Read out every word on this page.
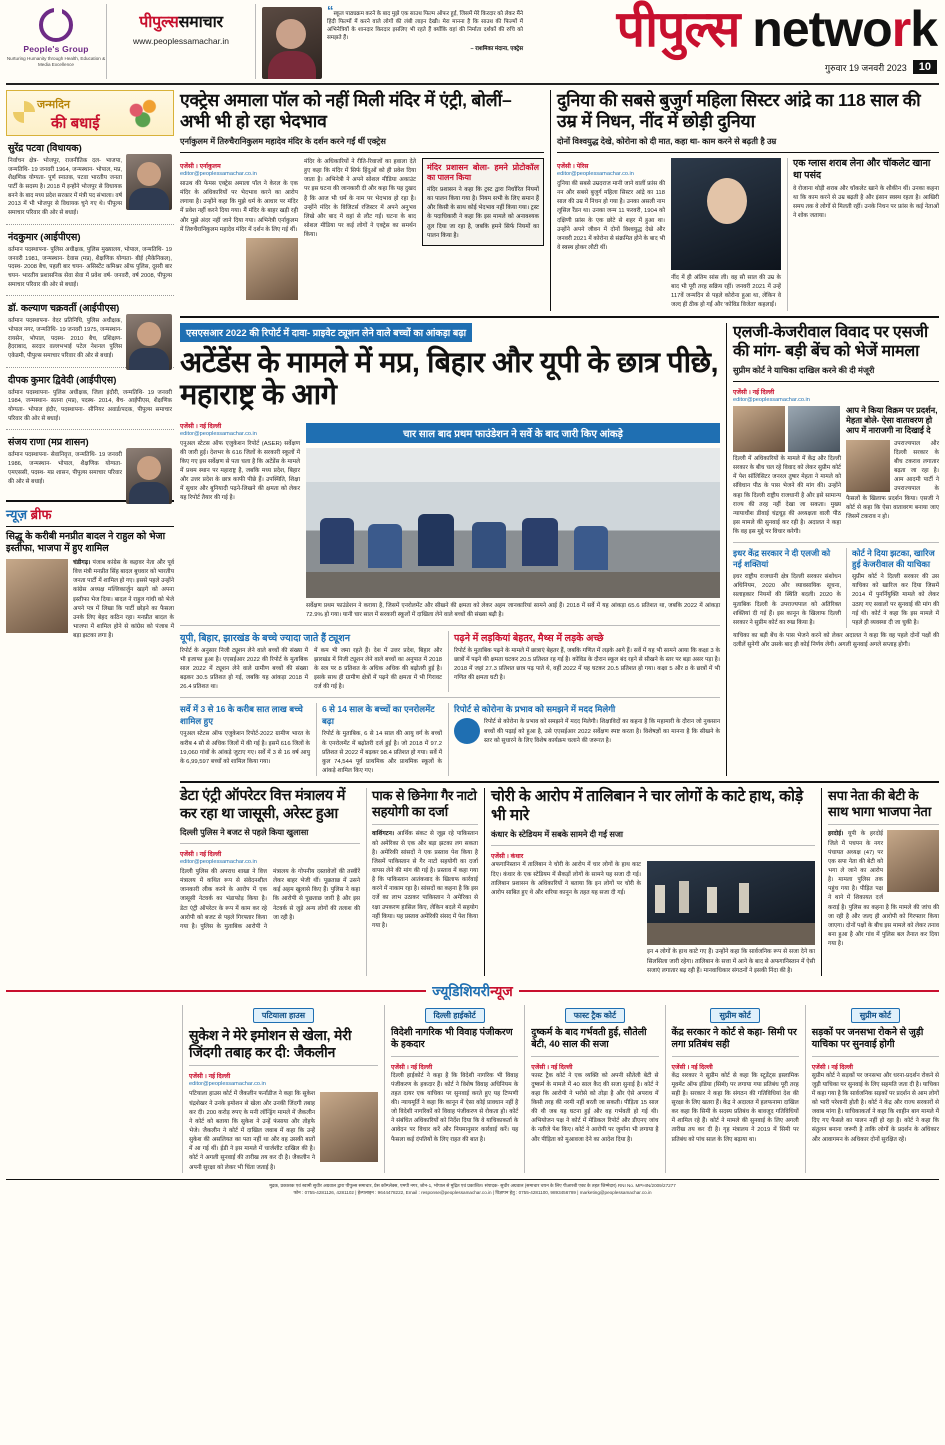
People's Group
Nurturing Humanity through Health, Education & Media Excellence
पीपुल्ससमाचार
www.peoplessamachar.in
“स्कूल पाठ्यक्रम करने के बाद मुझे एक साउथ फिल्म ऑफर हुई, जिसमें मेरे किरदार को लेकर मैंने हिंदी फिल्मों में करने वाले लोगों की लंबी लाइन देखी। मेरा मानना है कि साउथ की फिल्मों में अभिनेत्रियों के शानदार किरदार इसलिए भी रहते हैं क्योंकि वहां की निर्माता दर्शकों की रुचि को समझते हैं।
– राशमिका मंदाना, एक्ट्रेस	पीपुल्स network
गुरुवार 19 जनवरी 2023	10
जन्मदिन
की बधाई
सुरेंद्र पटवा (विधायक)
निर्वाचन क्षेत्र- भोजपुर, राजनीतिक दल- भाजपा, जन्मतिथि- 19 जनवरी 1964, जन्मस्थान- भोपाल, मप्र, शैक्षणिक योग्यता- पूर्ण स्नातक, पटवा भारतीय जनता पार्टी के सदस्य है। 2018 में इन्होंने भोजपुर से विधायक बनने के बाद मध्य प्रदेश सरकार में मंत्री पद संभाला। वर्ष 2013 में भी भोजपुर से विधायक चुने गए थे। पीपुल्स समाचार परिवार की ओर से बधाई।
नंदकुमार (आईपीएस)
वर्तमान पदस्थापना- पुलिस अधीक्षक, पुलिस मुख्यालय, भोपाल, जन्मतिथि- 19 जनवरी 1981, जन्मस्थान- देवास (मप्र), शैक्षणिक योग्यता- बीई (मैकेनिकल), पदस्थ- 2008 बैच, पहली बार चयन- असिस्टेंट कमिश्नर ऑफ पुलिस, दूसरी बार चयन- भारतीय प्रशासनिक सेवा सेवा में प्रवेश वर्ष- जनवरी, वर्ष 2008, पीपुल्स समाचार परिवार की ओर से बधाई।
डॉ. कल्याण चक्रवर्ती (आईपीएस)
वर्तमान पदस्थापना- वेदर प्रतिनिधि, पुलिस अधीक्षक, भोपाल नगर, जन्मतिथि- 19 जनवरी 1975, जन्मस्थान- रायसेन, भोपाल, पदस्थ- 2010 बैच, प्रशिक्षण- हैदराबाद, सरदार वल्लभभाई पटेल नेशनल पुलिस एकेडमी, पीपुल्स समाचार परिवार की ओर से बधाई।
दीपक कुमार द्विवेदी (आईपीएस)
वर्तमान पदस्थापना- पुलिस अधीक्षक, जिला इंदौरी, जन्मतिथि- 19 जनवरी 1984, जन्मस्थान- सतना (मप्र), पदस्थ- 2014, बैच- आईपीएस, शैक्षणिक योग्यता- भोपाल इंदौर, पदस्थापना- सीनियर अवार्ड/पदक, पीपुल्स समाचार परिवार की ओर से बधाई।
संजय राणा (मप्र शासन)
वर्तमान पदस्थापना- सेवानिवृत्त, जन्मतिथि- 19 जनवरी 1986, जन्मस्थान- भोपाल, शैक्षणिक योग्यता- एमएससी, पदस्थ- मप्र शासन, पीपुल्स समाचार परिवार की ओर से बधाई।
न्यूज़ ब्रीफ
सिद्धू के करीबी मनप्रीत बादल ने राहुल को भेजा इस्तीफा, भाजपा में हुए शामिल
चंडीगढ़। पंजाब कांग्रेस के कद्दावर नेता और पूर्व वित्त मंत्री मनप्रीत सिंह बादल बुधवार को भारतीय जनता पार्टी में शामिल हो गए। इससे पहले उन्होंने कांग्रेस अध्यक्ष मल्लिकार्जुन खड़गे को अपना इस्तीफा भेज दिया। बादल ने राहुल गांधी को भेजे अपने पत्र में लिखा कि पार्टी छोड़ने का फैसला उनके लिए बेहद कठिन रहा। मनप्रीत बादल के भाजपा में शामिल होने से कांग्रेस को पंजाब में बड़ा झटका लगा है।
एक्ट्रेस अमाला पॉल को नहीं मिली मंदिर में एंट्री, बोलीं– अभी भी हो रहा भेदभाव
एर्नाकुलम में तिरुचैरानिकुलम महादेव मंदिर के दर्शन करने गईं थीं एक्ट्रेस
एजेंसी । एर्नाकुलम
editor@peoplessamachar.co.in
साउथ की फेमस एक्ट्रेस अमाला पॉल ने केरल के एक मंदिर के अधिकारियों पर भेदभाव करने का आरोप लगाया है। उन्होंने कहा कि मुझे धर्म के आधार पर मंदिर में प्रवेश नहीं करने दिया गया। मैं मंदिर के बाहर खड़ी रही और मुझे अंदर नहीं जाने दिया गया। अभिनेत्री एर्नाकुलम में तिरुचैरानिकुलम महादेव मंदिर में दर्शन के लिए गई थीं।
मंदिर के अधिकारियों ने रीति-रिवाजों का हवाला देते हुए कहा कि मंदिर में सिर्फ हिंदुओं को ही प्रवेश दिया जाता है। अभिनेत्री ने अपने सोशल मीडिया अकाउंट पर इस घटना की जानकारी दी और कहा कि यह दुखद है कि आज भी धर्म के नाम पर भेदभाव हो रहा है। उन्होंने मंदिर के विजिटर्स रजिस्टर में अपने अनुभव लिखे और बाद में वहां से लौट गईं। घटना के बाद सोशल मीडिया पर कई लोगों ने एक्ट्रेस का समर्थन किया।
मंदिर प्रशासन बोला- हमने प्रोटोकॉल का पालन किया
मंदिर प्रशासन ने कहा कि ट्रस्ट द्वारा निर्धारित नियमों का पालन किया गया है। नियम सभी के लिए समान हैं और किसी के साथ कोई भेदभाव नहीं किया गया। ट्रस्ट के पदाधिकारी ने कहा कि इस मामले को अनावश्यक तूल दिया जा रहा है, जबकि हमने सिर्फ नियमों का पालन किया है।
दुनिया की सबसे बुजुर्ग महिला सिस्टर आंद्रे का 118 साल की उम्र में निधन, नींद में छोड़ी दुनिया
दोनों विश्वयुद्ध देखे, कोरोना को दी मात, कहा था- काम करने से बढ़ती है उम्र
एजेंसी । पेरिस
editor@peoplessamachar.co.in
दुनिया की सबसे उम्रदराज मानी जाने वालीं फ्रांस की नन और सबसे बुजुर्ग महिला सिस्टर आंद्रे का 118 साल की उम्र में निधन हो गया है। उनका असली नाम लूसिल रैंडन था। उनका जन्म 11 फरवरी, 1904 को दक्षिणी फ्रांस के एक छोटे से शहर में हुआ था। उन्होंने अपने जीवन में दोनों विश्वयुद्ध देखे और जनवरी 2021 में कोरोना से संक्रमित होने के बाद भी वे स्वस्थ होकर लौटी थीं।
नींद में ही अंतिम सांस ली। वह सौ साल की उम्र के बाद भी पूरी तरह सक्रिय रहीं। जनवरी 2021 में उन्हें 117वें जन्मदिन से पहले कोरोना हुआ था, लेकिन वे जल्द ही ठीक हो गईं और 'कोविड विजेता' कहलाईं।
एक ग्लास शराब लेना और चॉकलेट खाना था पसंद
वे रोजाना थोड़ी शराब और चॉकलेट खाने के शौकीन थीं। उनका कहना था कि काम करने से उम्र बढ़ती है और इंसान स्वस्थ रहता है। आखिरी समय तक वे लोगों से मिलती रहीं। उनके निधन पर फ्रांस के कई नेताओं ने शोक जताया।
एसएसआर 2022 की रिपोर्ट में दावा- प्राइवेट ट्यूशन लेने वाले बच्चों का आंकड़ा बढ़ा
अटेंडेंस के मामले में मप्र, बिहार और यूपी के छात्र पीछे, महाराष्ट्र के आगे
एजेंसी । नई दिल्ली
editor@peoplessamachar.co.in
एनुअल स्टेटस ऑफ एजुकेशन रिपोर्ट (ASER) सर्वेक्षण की जारी हुई। देशभर के 616 जिलों के सरकारी स्कूलों में किए गए इस सर्वेक्षण से पता चला है कि अटेंडेंस के मामले में प्रथम स्थान पर महाराष्ट्र है, जबकि मध्य प्रदेश, बिहार और उत्तर प्रदेश के छात्र काफी पीछे हैं। उपस्थिति, शिक्षा में सुधार और बुनियादी पढ़ने-लिखने की क्षमता को लेकर यह रिपोर्ट तैयार की गई है।
चार साल बाद प्रथम फाउंडेशन ने सर्वे के बाद जारी किए आंकड़े
सर्वेक्षण प्रथम फाउंडेशन ने कराया है, जिसमें एनरोलमेंट और सीखने की क्षमता को लेकर अहम जानकारियां सामने आई हैं। 2018 में सर्वे में यह आंकड़ा 65.6 प्रतिशत था, जबकि 2022 में आंकड़ा 72.9% हो गया। यानी चार साल में सरकारी स्कूलों में दाखिला लेने वाले बच्चों की संख्या बढ़ी है।
यूपी, बिहार, झारखंड के बच्चे ज्यादा जाते हैं ट्यूशन
रिपोर्ट के अनुसार निजी ट्यूशन लेने वाले बच्चों की संख्या में भी इजाफा हुआ है। एएसईआर 2022 की रिपोर्ट के मुताबिक साल 2022 में ट्यूशन लेने वाले ग्रामीण बच्चों की संख्या बढ़कर 30.5 प्रतिशत हो गई, जबकि यह आंकड़ा 2018 में 26.4 प्रतिशत था।
में कम भी जमा रहते हैं। देश में उत्तर प्रदेश, बिहार और झारखंड में निजी ट्यूशन लेने वाले बच्चों का अनुपात में 2018 के सत्र पर 8 प्रतिशत के अधिक अधिक की बढ़ोतरी हुई है। इसके साथ ही ग्रामीण क्षेत्रों में पढ़ने की क्षमता में भी गिरावट दर्ज की गई है।
पढ़ने में लड़कियां बेहतर, मैथ्स में लड़के अच्छे
रिपोर्ट के मुताबिक पढ़ने के मामले में छात्राएं बेहतर हैं, जबकि गणित में लड़के आगे हैं। सर्वे में यह भी सामने आया कि कक्षा 3 के छात्रों में पढ़ने की क्षमता घटकर 20.5 प्रतिशत रह गई है। कोविड के दौरान स्कूल बंद रहने से सीखने के स्तर पर बड़ा असर पड़ा है। 2018 में जहां 27.3 प्रतिशत छात्र पढ़ पाते थे, वहीं 2022 में यह घटकर 20.5 प्रतिशत हो गया। कक्षा 5 और 8 के छात्रों में भी गणित की क्षमता घटी है।
सर्वे में 3 से 16 के करीब सात लाख बच्चे शामिल हुए
एनुअल स्टेटस ऑफ एजुकेशन रिपोर्ट-2022 ग्रामीण भारत के करीब 4 सौ से अधिक जिलों में की गई है। इसमें 616 जिलों के 19,060 गांवों के आंकड़े जुटाए गए। सर्वे में 3 से 16 वर्ष आयु के 6,99,597 बच्चों को शामिल किया गया।
6 से 14 साल के बच्चों का एनरोलमेंट बढ़ा
रिपोर्ट के मुताबिक, 6 से 14 साल की आयु वर्ग के बच्चों के एनरोलमेंट में बढ़ोतरी दर्ज हुई है। जो 2018 में 97.2 प्रतिशत से 2022 में बढ़कर 98.4 प्रतिशत हो गया। सर्वे में कुल 74,544 पूर्व प्राथमिक और प्राथमिक स्कूलों के आंकड़े शामिल किए गए।
रिपोर्ट से कोरोना के प्रभाव को समझने में मदद मिलेगी
रिपोर्ट से कोरोना के प्रभाव को समझने में मदद मिलेगी। शिक्षाविदों का कहना है कि महामारी के दौरान जो नुकसान बच्चों की पढ़ाई को हुआ है, उसे एएसईआर 2022 सर्वेक्षण स्पष्ट करता है। विशेषज्ञों का मानना है कि सीखने के स्तर को सुधारने के लिए विशेष कार्यक्रम चलाने की जरूरत है।
एलजी-केजरीवाल विवाद पर एसजी की मांग- बड़ी बेंच को भेजें मामला
सुप्रीम कोर्ट ने याचिका दाखिल करने की दी मंजूरी
एजेंसी । नई दिल्ली
editor@peoplessamachar.co.in
दिल्ली में अधिकारियों के मामले में केंद्र और दिल्ली सरकार के बीच चल रहे विवाद को लेकर सुप्रीम कोर्ट में पेश सॉलिसिटर जनरल तुषार मेहता ने मामले को संविधान पीठ के पास भेजने की मांग की। उन्होंने कहा कि दिल्ली राष्ट्रीय राजधानी है और इसे सामान्य राज्य की तरह नहीं देखा जा सकता। मुख्य न्यायाधीश डीवाई चंद्रचूड़ की अध्यक्षता वाली पीठ इस मामले की सुनवाई कर रही है। अदालत ने कहा कि वह इस मुद्दे पर विचार करेगी।
आप ने किया विक्रम पर प्रदर्शन, मेहता बोले- ऐसा वातावरण हो आप में नाराजगी ना दिखाई दे
उपराज्यपाल और दिल्ली सरकार के बीच टकराव लगातार बढ़ता जा रहा है। आम आदमी पार्टी ने उपराज्यपाल के फैसलों के खिलाफ प्रदर्शन किया। एसजी ने कोर्ट से कहा कि ऐसा वातावरण बनाया जाए जिसमें टकराव न हो।
इधर केंद्र सरकार ने दी एलजी को नई शक्तियां
इधर राष्ट्रीय राजधानी क्षेत्र दिल्ली सरकार संशोधन अधिनियम, 2020 और व्यावसायिक सूचना, सलाहकार नियमों की स्थिति बदली। 2020 के मुताबिक दिल्ली के उपराज्यपाल को अतिरिक्त शक्तियां दी गई हैं। इस कानून के खिलाफ दिल्ली सरकार ने सुप्रीम कोर्ट का रुख किया है।
कोर्ट ने दिया झटका, खारिज हुई केजरीवाल की याचिका
सुप्रीम कोर्ट ने दिल्ली सरकार की उस याचिका को खारिज कर दिया जिसमें 2014 में पुनर्नियुक्ति मामले को लेकर उठाए गए सवालों पर सुनवाई की मांग की गई थी। कोर्ट ने कहा कि इस मामले में पहले ही व्यवस्था दी जा चुकी है।
याचिका का बड़ी बेंच के पास भेजने करने को लेकर अदालत ने कहा कि वह पहले दोनों पक्षों की दलीलें सुनेगी और उसके बाद ही कोई निर्णय लेगी। अगली सुनवाई अगले सप्ताह होगी।
डेटा एंट्री ऑपरेटर वित्त मंत्रालय में कर रहा था जासूसी, अरेस्ट हुआ
दिल्ली पुलिस ने बजट से पहले किया खुलासा
एजेंसी । नई दिल्ली
editor@peoplessamachar.co.in
दिल्ली पुलिस की अपराध शाखा ने वित्त मंत्रालय में कथित रूप से संवेदनशील जानकारी लीक करने के आरोप में एक जासूसी नेटवर्क का भंडाफोड़ किया है। डेटा एंट्री ऑपरेटर के रूप में काम कर रहे आरोपी को बजट से पहले गिरफ्तार किया गया है। पुलिस के मुताबिक आरोपी ने मंत्रालय के गोपनीय दस्तावेजों की तस्वीरें लेकर बाहर भेजी थीं। पूछताछ में उसने कई अहम खुलासे किए हैं। पुलिस ने कहा कि आरोपी से पूछताछ जारी है और इस नेटवर्क से जुड़े अन्य लोगों की तलाश की जा रही है।
पाक से छिनेगा गैर नाटो सहयोगी का दर्जा
वाशिंगटन। आर्थिक संकट से जूझ रहे पाकिस्तान को अमेरिका से एक और बड़ा झटका लग सकता है। अमेरिकी सांसदों ने एक प्रस्ताव पेश किया है जिसमें पाकिस्तान से गैर नाटो सहयोगी का दर्जा वापस लेने की मांग की गई है। प्रस्ताव में कहा गया है कि पाकिस्तान आतंकवाद के खिलाफ कार्रवाई करने में नाकाम रहा है। सांसदों का कहना है कि इस दर्जे का लाभ उठाकर पाकिस्तान ने अमेरिका से रक्षा उपकरण हासिल किए, लेकिन बदले में सहयोग नहीं किया। यह प्रस्ताव अमेरिकी संसद में पेश किया गया है।
चोरी के आरोप में तालिबान ने चार लोगों के काटे हाथ, कोड़े भी मारे
कंधार के स्टेडियम में सबके सामने दी गई सजा
एजेंसी । कंधार
अफगानिस्तान में तालिबान ने चोरी के आरोप में चार लोगों के हाथ काट दिए। कंधार के एक स्टेडियम में सैकड़ों लोगों के सामने यह सजा दी गई। तालिबान प्रशासन के अधिकारियों ने बताया कि इन लोगों पर चोरी के आरोप साबित हुए थे और शरिया कानून के तहत यह सजा दी गई।
इन 4 लोगों के हाथ काटे गए हैं। उन्होंने कहा कि सार्वजनिक रूप से सजा देने का सिलसिला जारी रहेगा। तालिबान के सत्ता में आने के बाद से अफगानिस्तान में ऐसी सजाएं लगातार बढ़ रही हैं। मानवाधिकार संगठनों ने इसकी निंदा की है।
सपा नेता की बेटी के साथ भागा भाजपा नेता
हरदोई। यूपी के हरदोई जिले में पचपन के नगर पंचायत अध्यक्ष (47) पर एक सपा नेता की बेटी को भगा ले जाने का आरोप है। मामला पुलिस तक पहुंच गया है। पीड़ित पक्ष ने थाने में शिकायत दर्ज कराई है। पुलिस का कहना है कि मामले की जांच की जा रही है और जल्द ही आरोपी को गिरफ्तार किया जाएगा। दोनों पक्षों के बीच इस मामले को लेकर तनाव बना हुआ है और गांव में पुलिस बल तैनात कर दिया गया है।
ज्यूडिशियरीन्यूज
पटियाला हाउस
सुकेश ने मेरे इमोशन से खेला, मेरी जिंदगी तबाह कर दी: जैकलीन
एजेंसी । नई दिल्ली
editor@peoplessamachar.co.in
पटियाला हाउस कोर्ट में जैकलीन फर्नांडीज ने कहा कि सुकेश चंद्रशेखर ने उनके इमोशन से खेला और उनकी जिंदगी तबाह कर दी। 200 करोड़ रुपए के मनी लॉन्ड्रिंग मामले में जैकलीन ने कोर्ट को बताया कि सुकेश ने उन्हें फंसाया और तोहफे भेजे। जैकलीन ने कोर्ट में दाखिल जवाब में कहा कि उन्हें सुकेश की असलियत का पता नहीं था और वह उसकी बातों में आ गई थीं। ईडी ने इस मामले में चार्जशीट दाखिल की है। कोर्ट ने अगली सुनवाई की तारीख तय कर दी है। जैकलीन ने अपनी सुरक्षा को लेकर भी चिंता जताई है।
दिल्ली हाईकोर्ट
विदेशी नागरिक भी विवाह पंजीकरण के हकदार
एजेंसी । नई दिल्ली
दिल्ली हाईकोर्ट ने कहा है कि विदेशी नागरिक भी विवाह पंजीकरण के हकदार हैं। कोर्ट ने विशेष विवाह अधिनियम के तहत दायर एक याचिका पर सुनवाई करते हुए यह टिप्पणी की। न्यायमूर्ति ने कहा कि कानून में ऐसा कोई प्रावधान नहीं है जो विदेशी नागरिकों को विवाह पंजीकरण से रोकता हो। कोर्ट ने संबंधित अधिकारियों को निर्देश दिया कि वे याचिकाकर्ता के आवेदन पर विचार करें और नियमानुसार कार्रवाई करें। यह फैसला कई दंपतियों के लिए राहत की बात है।
फास्ट ट्रैक कोर्ट
दुष्कर्म के बाद गर्भवती हुई, सौतेली बेटी, 40 साल की सजा
एजेंसी । नई दिल्ली
फास्ट ट्रैक कोर्ट ने एक व्यक्ति को अपनी सौतेली बेटी से दुष्कर्म के मामले में 40 साल कैद की सजा सुनाई है। कोर्ट ने कहा कि आरोपी ने भरोसे को तोड़ा है और ऐसे अपराध में किसी तरह की नरमी नहीं बरती जा सकती। पीड़िता 15 साल की थी जब यह घटना हुई और वह गर्भवती हो गई थी। अभियोजन पक्ष ने कोर्ट में मेडिकल रिपोर्ट और डीएनए जांच के नतीजे पेश किए। कोर्ट ने आरोपी पर जुर्माना भी लगाया है और पीड़िता को मुआवजा देने का आदेश दिया है।
सुप्रीम कोर्ट
केंद्र सरकार ने कोर्ट से कहा- सिमी पर लगा प्रतिबंध सही
एजेंसी । नई दिल्ली
केंद्र सरकार ने सुप्रीम कोर्ट से कहा कि स्टूडेंट्स इस्लामिक मूवमेंट ऑफ इंडिया (सिमी) पर लगाया गया प्रतिबंध पूरी तरह सही है। सरकार ने कहा कि संगठन की गतिविधियां देश की सुरक्षा के लिए खतरा हैं। केंद्र ने अदालत में हलफनामा दाखिल कर कहा कि सिमी के सदस्य प्रतिबंध के बावजूद गतिविधियों में शामिल रहे हैं। कोर्ट ने मामले की सुनवाई के लिए अगली तारीख तय कर दी है। गृह मंत्रालय ने 2019 में सिमी पर प्रतिबंध को पांच साल के लिए बढ़ाया था।
सुप्रीम कोर्ट
सड़कों पर जनसभा रोकने से जुड़ी याचिका पर सुनवाई होगी
एजेंसी । नई दिल्ली
सुप्रीम कोर्ट ने सड़कों पर जनसभा और धरना-प्रदर्शन रोकने से जुड़ी याचिका पर सुनवाई के लिए सहमति जता दी है। याचिका में कहा गया है कि सार्वजनिक सड़कों पर प्रदर्शन से आम लोगों को भारी परेशानी होती है। कोर्ट ने केंद्र और राज्य सरकारों से जवाब मांगा है। याचिकाकर्ता ने कहा कि शाहीन बाग मामले में दिए गए फैसले का पालन नहीं हो रहा है। कोर्ट ने कहा कि संतुलन बनाना जरूरी है ताकि लोगों के प्रदर्शन के अधिकार और आवागमन के अधिकार दोनों सुरक्षित रहें।
मुद्रक, प्रकाशक एवं स्वामी सुधीर अग्रवाल द्वारा पीपुल्स समाचार, प्रेस कॉम्प्लेक्स, एमपी नगर, जोन-1, भोपाल से मुद्रित एवं प्रकाशित। संपादक- सुधीर अग्रवाल (समाचार चयन के लिए पीआरबी एक्ट के तहत जिम्मेदार) RNI No. MPHIN/2009/27277
फोन : 0755-4281126, 4281102 | हेल्पलाइन : 9644478222, Email : response@peoplessamachar.co.in | विज्ञापन हेतु : 0755-4281100, 9893456789 | marketing@peoplessamachar.co.in
